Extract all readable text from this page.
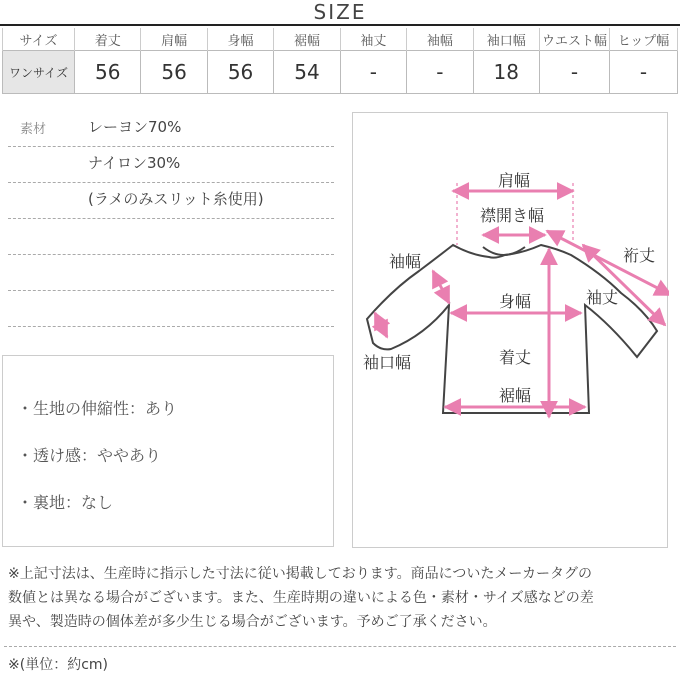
SIZE
サイズ	着丈	肩幅	身幅	裾幅	袖丈	袖幅	袖口幅	ウエスト幅	ヒップ幅
ワンサイズ	56	56	56	54	-	-	18	-	-
素材	レーヨン70%
ナイロン30%
(ラメのみスリット糸使用)
・生地の伸縮性：あり
・透け感：ややあり
・裏地：なし
肩幅
襟開き幅
裄丈
袖幅
袖丈
身幅
袖口幅	着丈
裾幅
※上記寸法は、生産時に指示した寸法に従い掲載しております。商品についたメーカータグの
数値とは異なる場合がございます。また、生産時期の違いによる色・素材・サイズ感などの差
異や、製造時の個体差が多少生じる場合がございます。予めご了承ください。
※(単位：約cm)
